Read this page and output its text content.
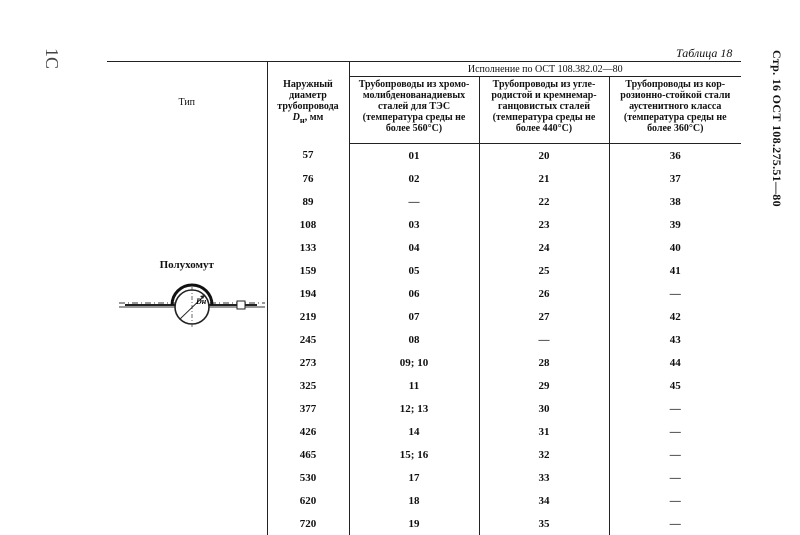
1C	Таблица 18	Стр. 16 ОСТ 108.275.51—80
Тип	Наружный
диаметр
трубопровода
$D_н$, мм	Исполнение по ОСТ 108.382.02—80		
		Трубопроводы из хромо-молибденованадиевых сталей для ТЭС (температура среды не более 560°C)	Трубопроводы из угле-родистой и кремнемар-ганцовистых сталей (температура среды не более 440°C)	Трубопроводы из кор-розионно-стойкой стали аустенитного класса (температура среды не более 360°C)

Полухомут
Dн	57	01	20	36
	76	02	21	37
	89	—	22	38
	108	03	23	39
	133	04	24	40
	159	05	25	41
	194	06	26	—
	219	07	27	42
	245	08	—	43
	273	09; 10	28	44
	325	11	29	45
	377	12; 13	30	—
	426	14	31	—
	465	15; 16	32	—
	530	17	33	—
	620	18	34	—
	720	19	35	—
